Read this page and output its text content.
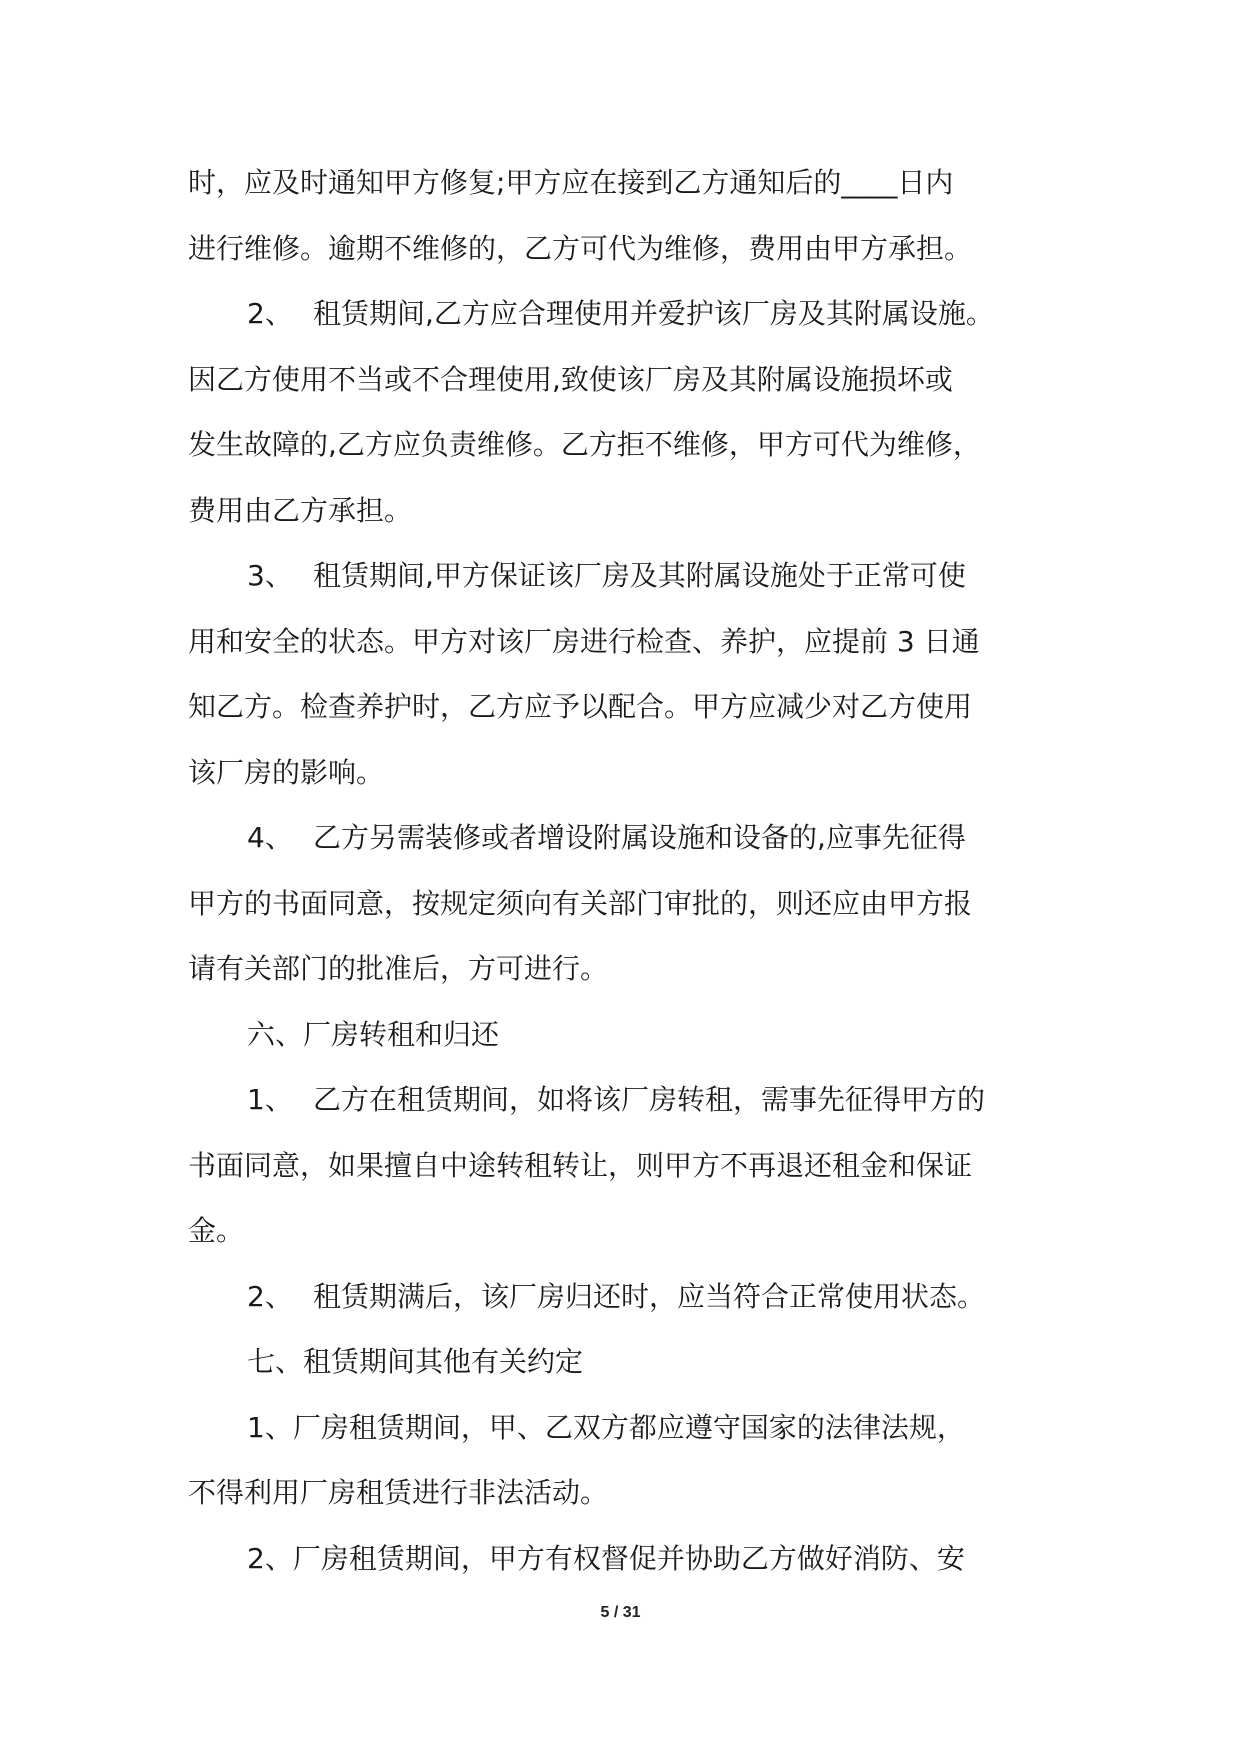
时，应及时通知甲方修复;甲方应在接到乙方通知后的____日内
进行维修。逾期不维修的，乙方可代为维修，费用由甲方承担。
2、 租赁期间,乙方应合理使用并爱护该厂房及其附属设施。
因乙方使用不当或不合理使用,致使该厂房及其附属设施损坏或
发生故障的,乙方应负责维修。乙方拒不维修，甲方可代为维修，
费用由乙方承担。
3、 租赁期间,甲方保证该厂房及其附属设施处于正常可使
用和安全的状态。甲方对该厂房进行检查、养护，应提前 3 日通
知乙方。检查养护时，乙方应予以配合。甲方应减少对乙方使用
该厂房的影响。
4、 乙方另需装修或者增设附属设施和设备的,应事先征得
甲方的书面同意，按规定须向有关部门审批的，则还应由甲方报
请有关部门的批准后，方可进行。
六、厂房转租和归还
1、 乙方在租赁期间，如将该厂房转租，需事先征得甲方的
书面同意，如果擅自中途转租转让，则甲方不再退还租金和保证
金。
2、 租赁期满后，该厂房归还时，应当符合正常使用状态。
七、租赁期间其他有关约定
1、厂房租赁期间，甲、乙双方都应遵守国家的法律法规，
不得利用厂房租赁进行非法活动。
2、厂房租赁期间，甲方有权督促并协助乙方做好消防、安
5 / 31
